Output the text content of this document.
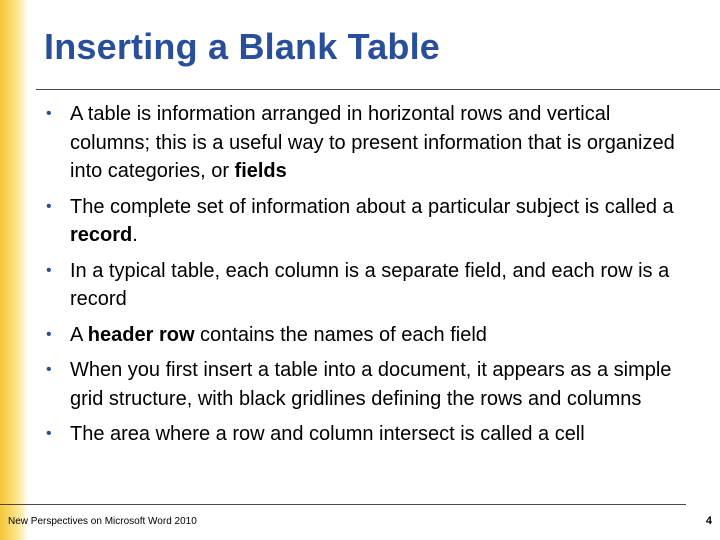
Inserting a Blank Table
• A table is information arranged in horizontal rows and vertical columns; this is a useful way to present information that is organized into categories, or fields
• The complete set of information about a particular subject is called a record.
• In a typical table, each column is a separate field, and each row is a record
• A header row contains the names of each field
• When you first insert a table into a document, it appears as a simple grid structure, with black gridlines defining the rows and columns
• The area where a row and column intersect is called a cell
New Perspectives on Microsoft Word 2010	4
